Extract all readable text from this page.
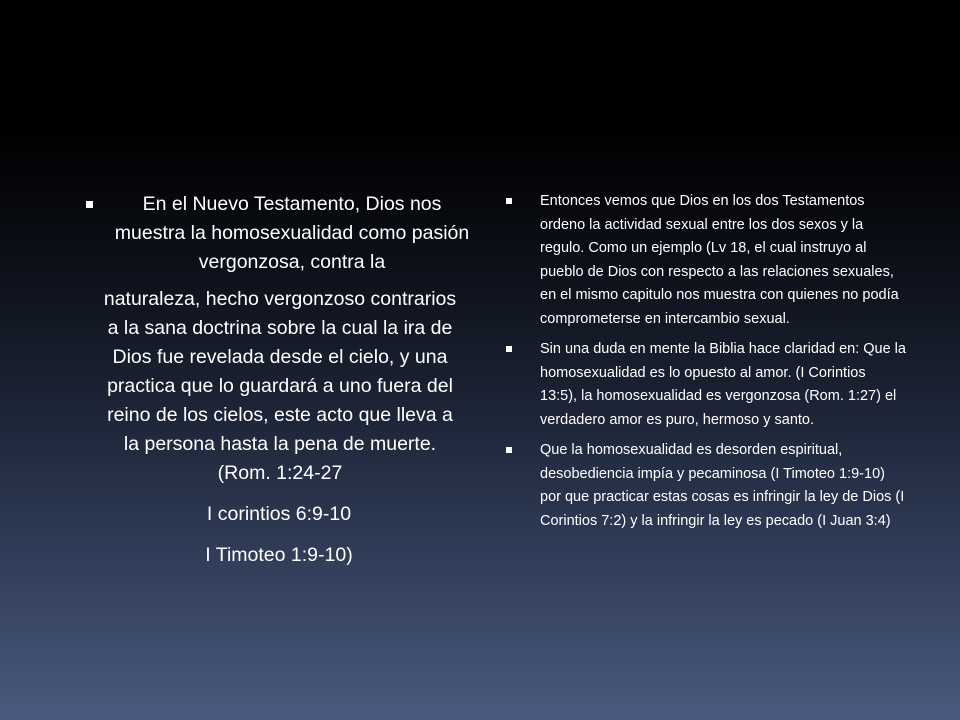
En el Nuevo Testamento, Dios nos muestra la homosexualidad como pasión vergonzosa, contra la
naturaleza, hecho vergonzoso contrarios a la sana doctrina sobre la cual la ira de Dios fue revelada desde el cielo, y una practica que lo guardará a uno fuera del reino de los cielos, este acto que lleva a la persona hasta la pena de muerte. (Rom. 1:24-27
I corintios 6:9-10
I Timoteo 1:9-10)
Entonces vemos que Dios en los dos Testamentos ordeno la actividad sexual entre los dos sexos y la regulo. Como un ejemplo (Lv 18, el cual instruyo al pueblo de Dios con respecto a las relaciones sexuales, en el mismo capitulo nos muestra con quienes no podía comprometerse en intercambio sexual.
Sin una duda en mente la Biblia hace claridad en: Que la homosexualidad es lo opuesto al amor. (I Corintios 13:5), la homosexualidad es vergonzosa (Rom. 1:27) el verdadero amor es puro, hermoso y santo.
Que la homosexualidad es desorden espiritual, desobediencia impía y pecaminosa (I Timoteo 1:9-10) por que practicar estas cosas es infringir la ley de Dios (I Corintios 7:2) y la infringir la ley es pecado (I Juan 3:4)
